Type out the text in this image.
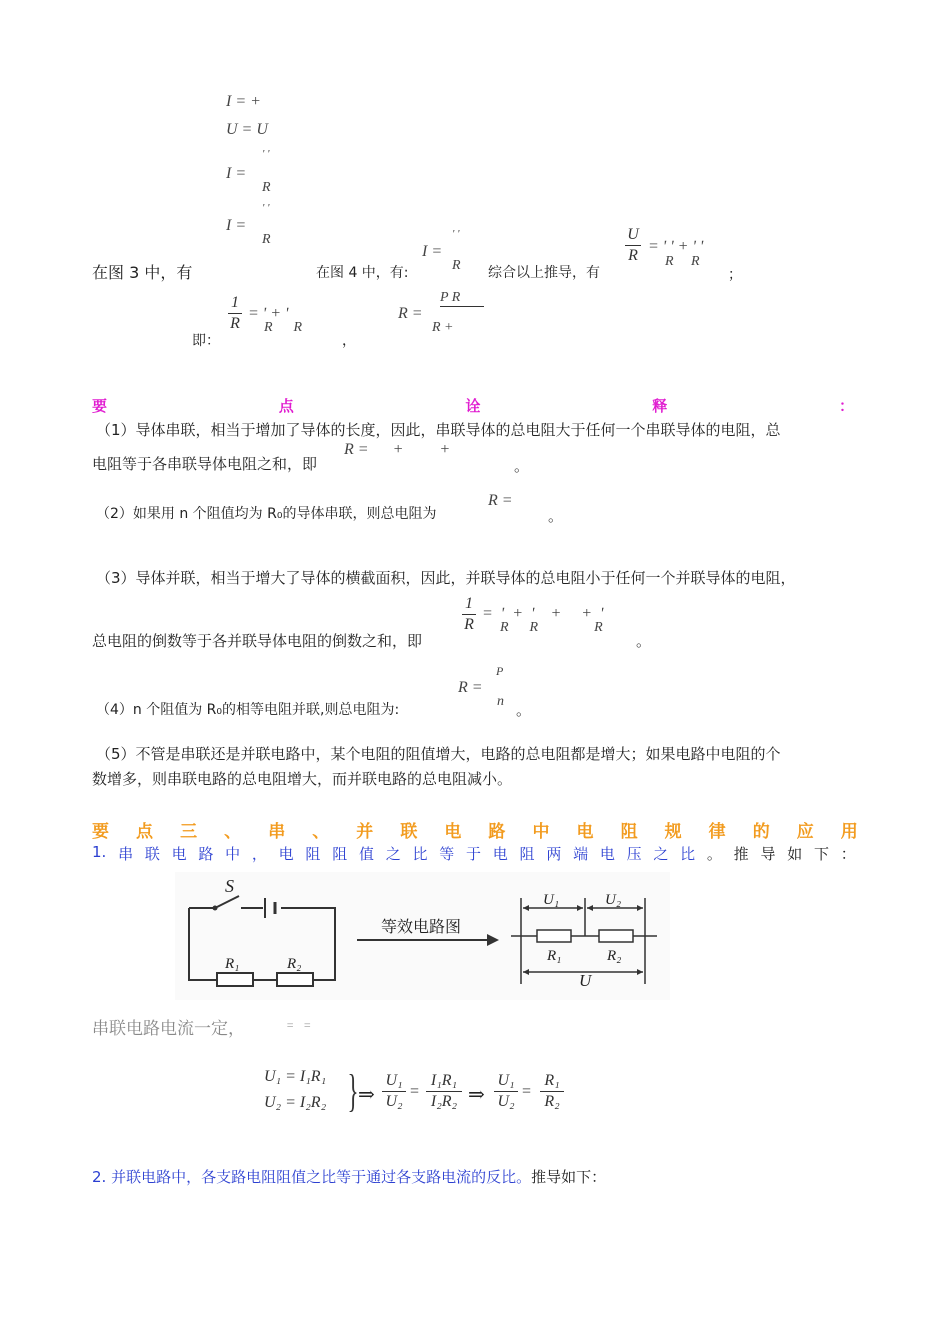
I = +
U = U
I =
ʹ ʹ
R
I =
ʹ ʹ
R
在图 3 中，有	在图 4 中，有:
I =
ʹ ʹ
R 综合以上推导，有
U
R
= ʹ ʹ + ʹ ʹ
R     R
；
1
R
= ʹ + ʹ
R      R
即：	，
R =
P R
R +
要	点	诠	释	：
（1）导体串联，相当于增加了导体的长度，因此，串联导体的总电阻大于任何一个串联导体的电阻，总
电阻等于各串联导体电阻之和，即
R =      +         +
。
（2）如果用 n 个阻值均为 R₀的导体串联，则总电阻为
R =
。
（3）导体并联，相当于增大了导体的横截面积，因此，并联导体的总电阻小于任何一个并联导体的电阻，
1
R
=  ʹ  +  ʹ    +     +  ʹ
R      R                R
总电阻的倒数等于各并联导体电阻的倒数之和，即	。
R =
P
n
（4）n 个阻值为 R₀的相等电阻并联,则总电阻为:	。
（5）不管是串联还是并联电路中，某个电阻的阻值增大，电路的总电阻都是增大；如果电路中电阻的个
数增多，则串联电路的总电阻增大，而并联电路的总电阻减小。
要 点 三 、 串 、 并 联 电 路 中 电 阻 规 律 的 应 用
1. 串 联 电 路 中 ， 电 阻 阻 值 之 比 等 于 电 阻 两 端 电 压 之 比 。 推 导 如 下 ：
S
R₁	R₂
等效电路图
U₁	U₂
R₁	R₂
U
串联电路电流一定，	=   =
U₁ = I₁R₁
U₂ = I₂R₂ } ⇒
U₁
U₂
=
I₁R₁
I₂R₂ ⇒
U₁
U₂
=
R₁
R₂
2. 并联电路中，各支路电阻阻值之比等于通过各支路电流的反比。推导如下：
